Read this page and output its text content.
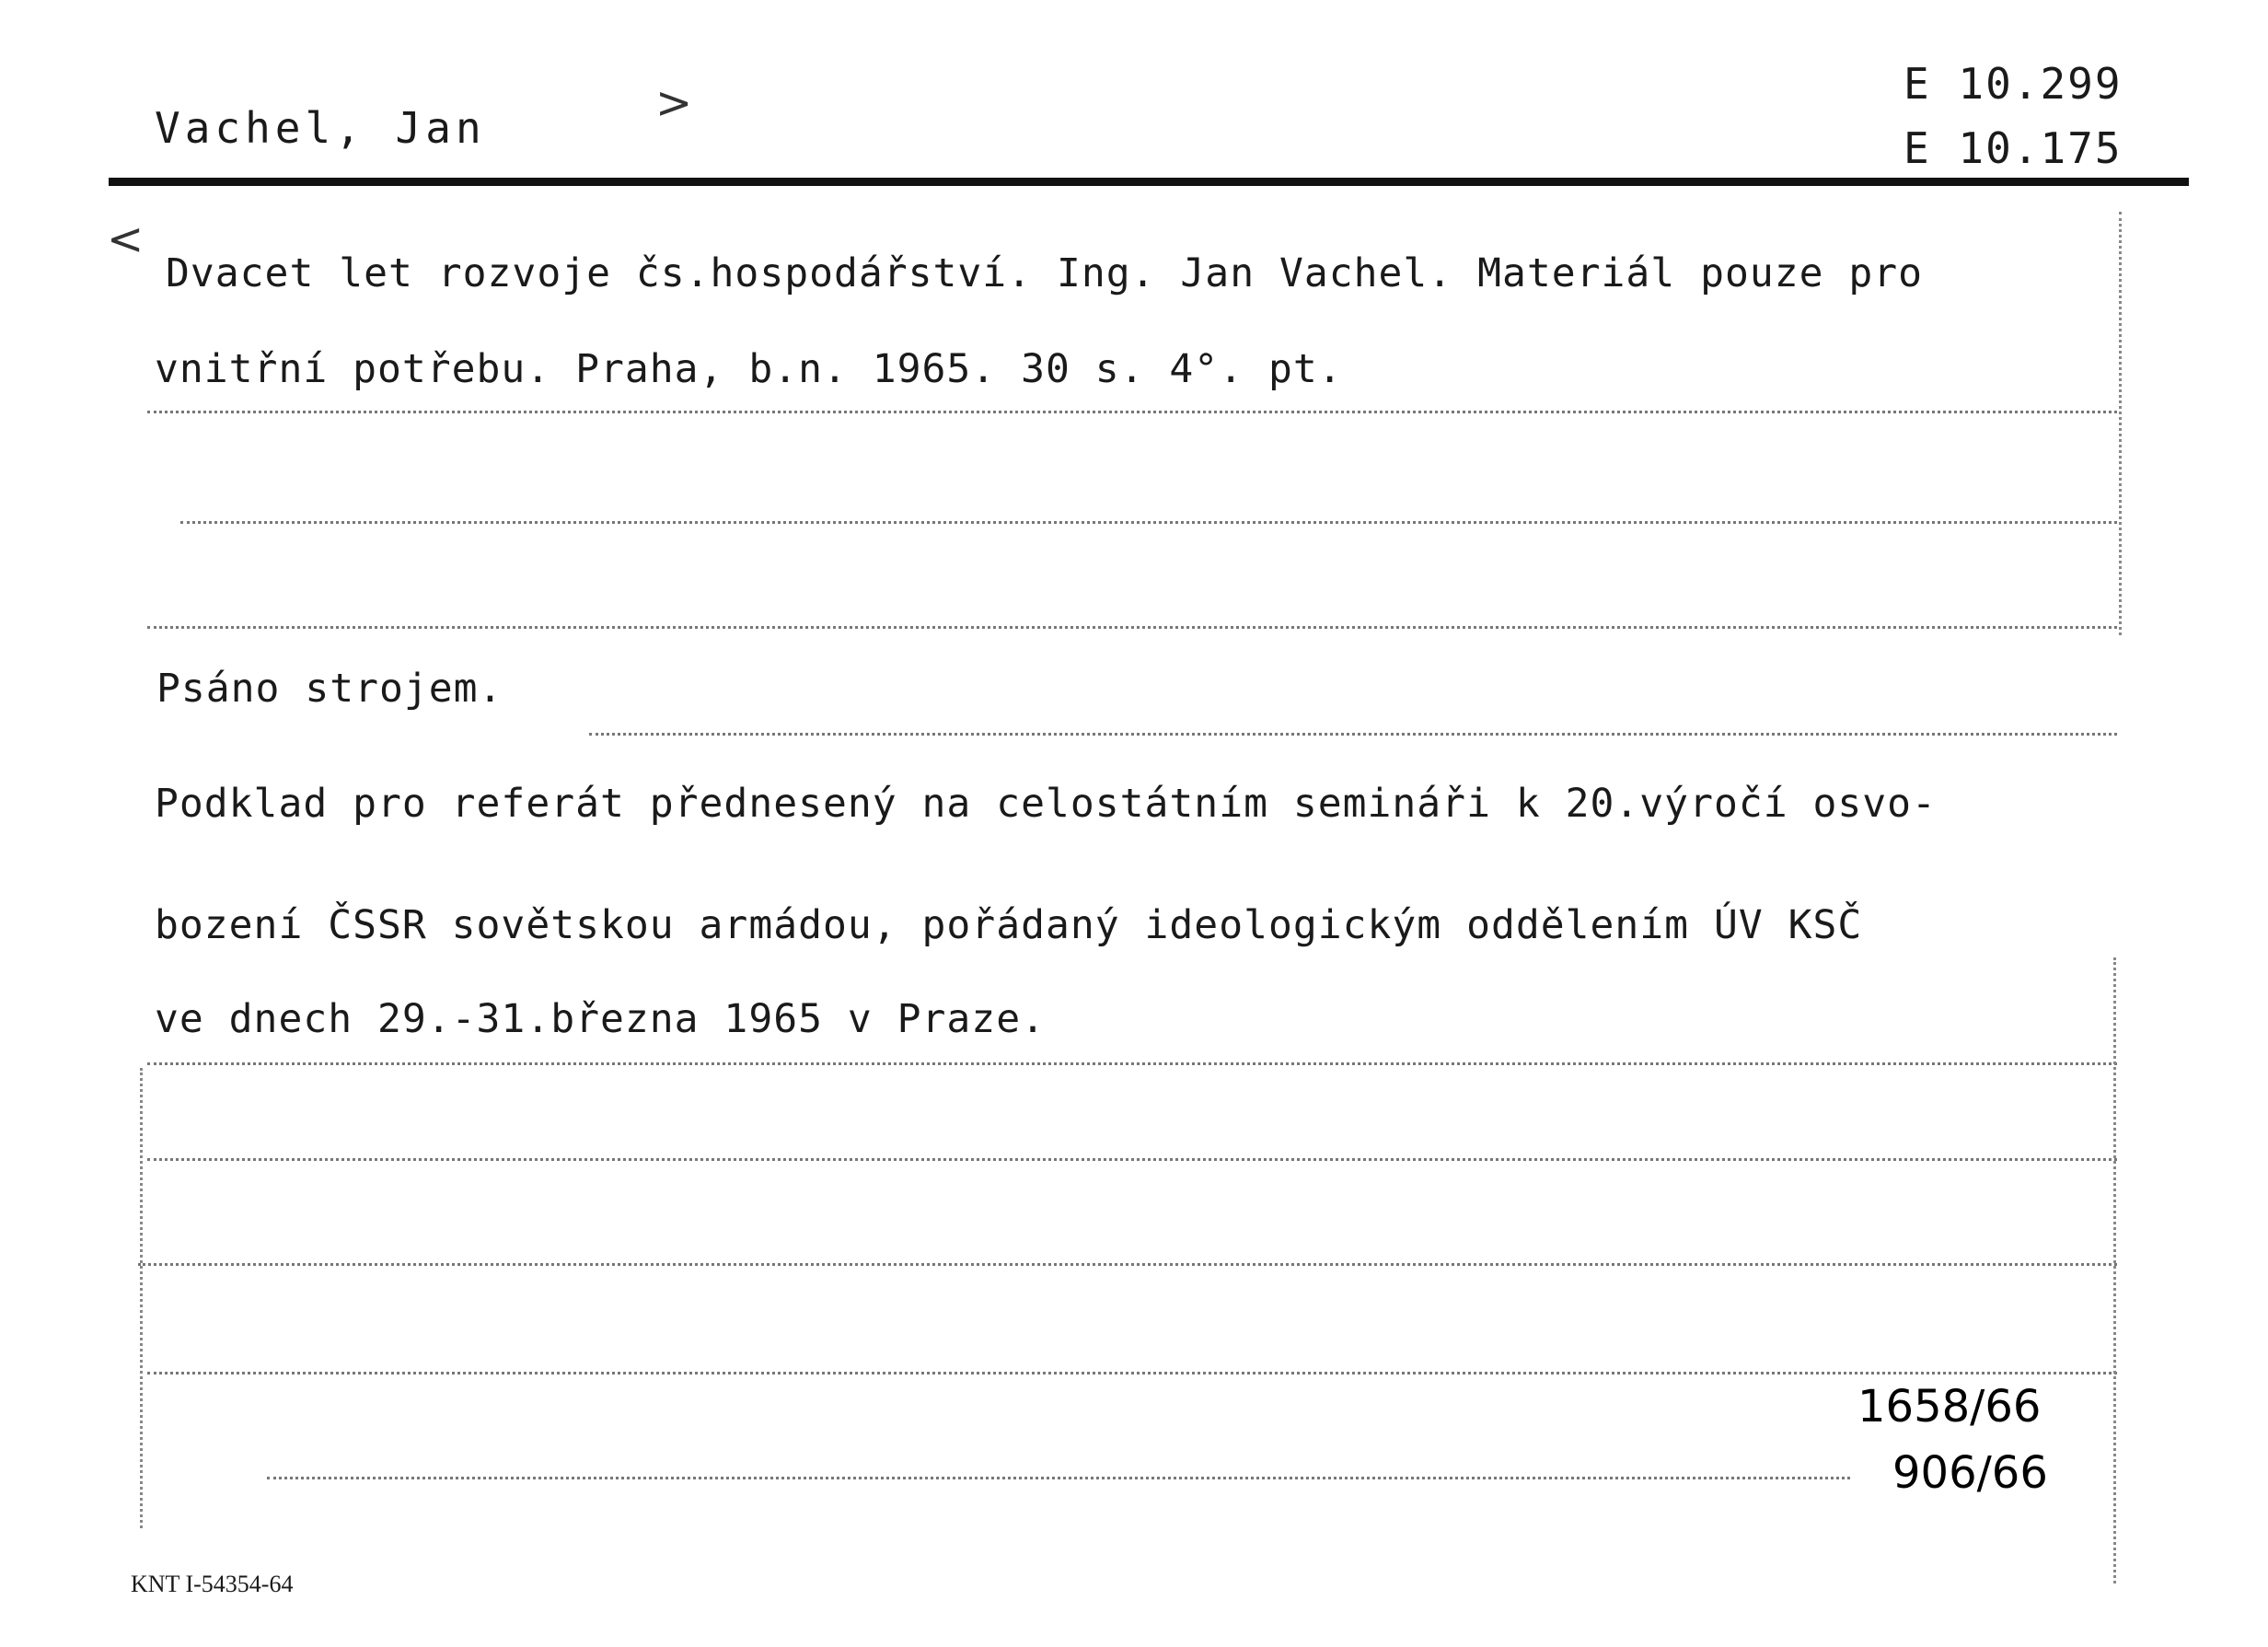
Vachel, Jan	>	E 10.299
E 10.175
<
Dvacet let rozvoje čs.hospodářství. Ing. Jan Vachel. Materiál pouze pro
vnitřní potřebu. Praha, b.n. 1965. 30 s. 4°. pt.
Psáno strojem.
Podklad pro referát přednesený na celostátním semináři k 20.výročí osvo-
bození ČSSR sovětskou armádou, pořádaný ideologickým oddělením ÚV KSČ
ve dnech 29.-31.března 1965 v Praze.
1658/66
906/66
KNT I-54354-64
